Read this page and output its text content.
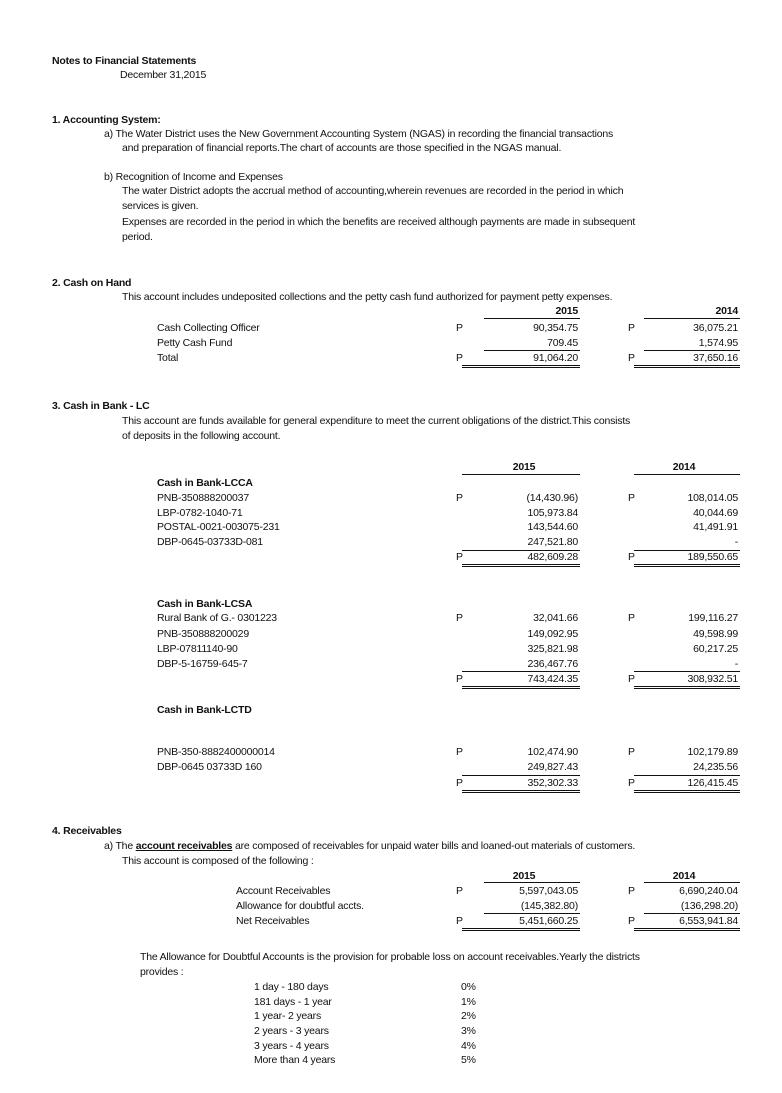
Notes to Financial Statements
December 31,2015
1. Accounting System:
a) The Water District uses the New Government Accounting System (NGAS) in recording the financial transactions
and preparation of financial reports.The chart of accounts are those specified in the NGAS manual.
b) Recognition of Income and Expenses
The water District adopts the accrual method of accounting,wherein revenues are recorded in the period in which
services is given.
Expenses are recorded in the period in which the benefits are received although payments are made in subsequent
period.
2. Cash on Hand
This account includes undeposited collections and the petty cash fund authorized for payment petty expenses.
2015	2014
Cash Collecting Officer	P	90,354.75	P	36,075.21
Petty Cash Fund	709.45	1,574.95
Total	P	91,064.20	P	37,650.16
3. Cash in Bank - LC
This account are funds available for general expenditure to meet the current obligations of the district.This consists
of deposits in the following account.
2015	2014
Cash in Bank-LCCA
PNB-350888200037	P	(14,430.96)	P	108,014.05
LBP-0782-1040-71	105,973.84	40,044.69
POSTAL-0021-003075-231	143,544.60	41,491.91
DBP-0645-03733D-081	247,521.80	-
P	482,609.28	P	189,550.65
Cash in Bank-LCSA
Rural Bank of G.- 0301223	P	32,041.66	P	199,116.27
PNB-350888200029	149,092.95	49,598.99
LBP-07811140-90	325,821.98	60,217.25
DBP-5-16759-645-7	236,467.76	-
P	743,424.35	P	308,932.51
Cash in Bank-LCTD
PNB-350-8882400000014	P	102,474.90	P	102,179.89
DBP-0645 03733D 160	249,827.43	24,235.56
P	352,302.33	P	126,415.45
4. Receivables
a) The account receivables are composed of receivables for unpaid water bills and loaned-out materials of customers.
This account is composed of the following :
2015	2014
Account Receivables	P	5,597,043.05	P	6,690,240.04
Allowance for doubtful accts.	(145,382.80)	(136,298.20)
Net Receivables	P	5,451,660.25	P	6,553,941.84
The Allowance for Doubtful Accounts is the provision for probable loss on account receivables.Yearly the districts
provides :
1 day - 180 days	0%
181 days - 1 year	1%
1 year- 2 years	2%
2 years - 3 years	3%
3 years - 4 years	4%
More than 4 years	5%
